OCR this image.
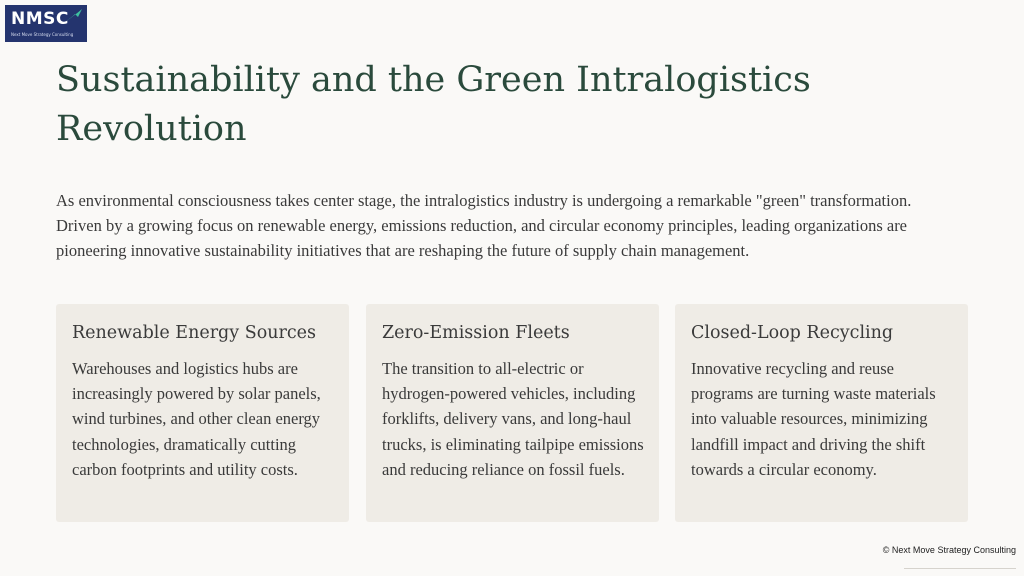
NMSC
Next Move Strategy Consulting
Sustainability and the Green Intralogistics Revolution

As environmental consciousness takes center stage, the intralogistics industry is undergoing a remarkable "green" transformation. Driven by a growing focus on renewable energy, emissions reduction, and circular economy principles, leading organizations are pioneering innovative sustainability initiatives that are reshaping the future of supply chain management.

Renewable Energy Sources

Warehouses and logistics hubs are increasingly powered by solar panels, wind turbines, and other clean energy technologies, dramatically cutting carbon footprints and utility costs.

Zero-Emission Fleets

The transition to all-electric or hydrogen-powered vehicles, including forklifts, delivery vans, and long-haul trucks, is eliminating tailpipe emissions and reducing reliance on fossil fuels.

Closed-Loop Recycling

Innovative recycling and reuse programs are turning waste materials into valuable resources, minimizing landfill impact and driving the shift towards a circular economy.

© Next Move Strategy Consulting
